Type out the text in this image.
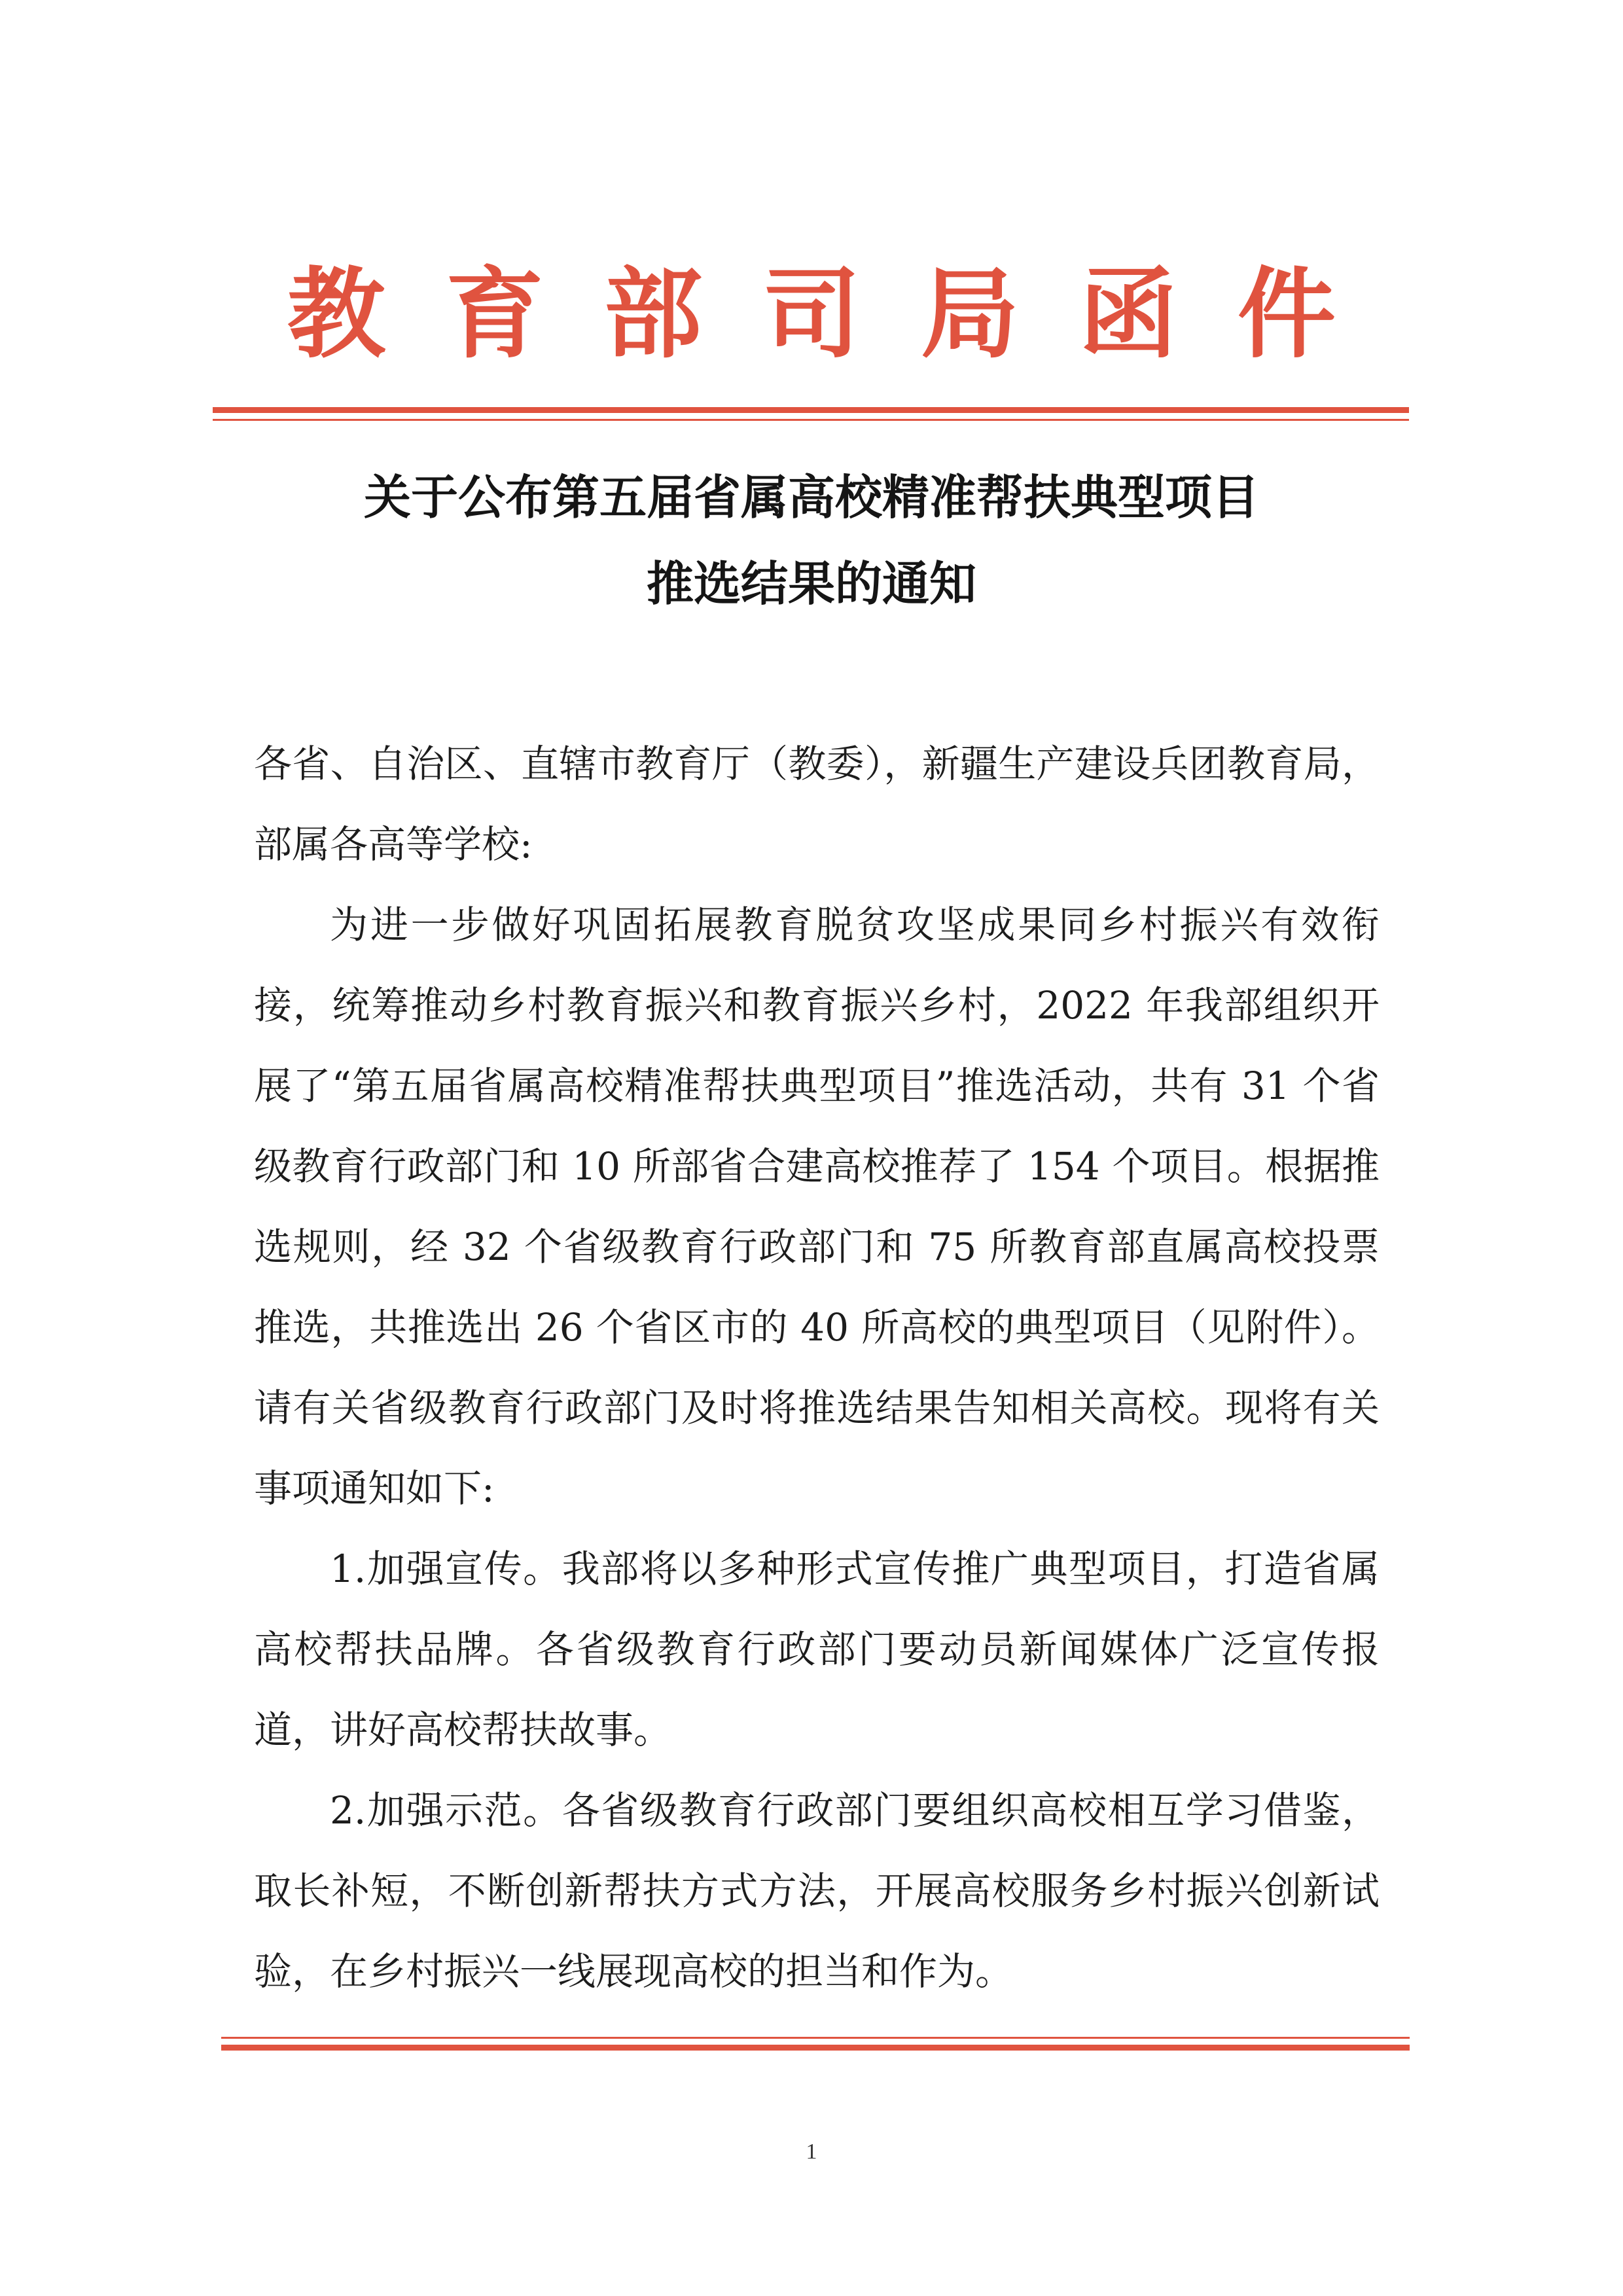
教育部司局函件
关于公布第五届省属高校精准帮扶典型项目
推选结果的通知

各省、自治区、直辖市教育厅（教委），新疆生产建设兵团教育局，部属各高等学校:

为进一步做好巩固拓展教育脱贫攻坚成果同乡村振兴有效衔接，统筹推动乡村教育振兴和教育振兴乡村，2022 年我部组织开展了“第五届省属高校精准帮扶典型项目”推选活动，共有 31 个省级教育行政部门和 10 所部省合建高校推荐了 154 个项目。根据推选规则，经 32 个省级教育行政部门和 75 所教育部直属高校投票推选，共推选出 26 个省区市的 40 所高校的典型项目（见附件）。请有关省级教育行政部门及时将推选结果告知相关高校。现将有关事项通知如下:

1.加强宣传。我部将以多种形式宣传推广典型项目，打造省属高校帮扶品牌。各省级教育行政部门要动员新闻媒体广泛宣传报道，讲好高校帮扶故事。

2.加强示范。各省级教育行政部门要组织高校相互学习借鉴，取长补短，不断创新帮扶方式方法，开展高校服务乡村振兴创新试验，在乡村振兴一线展现高校的担当和作为。

1
